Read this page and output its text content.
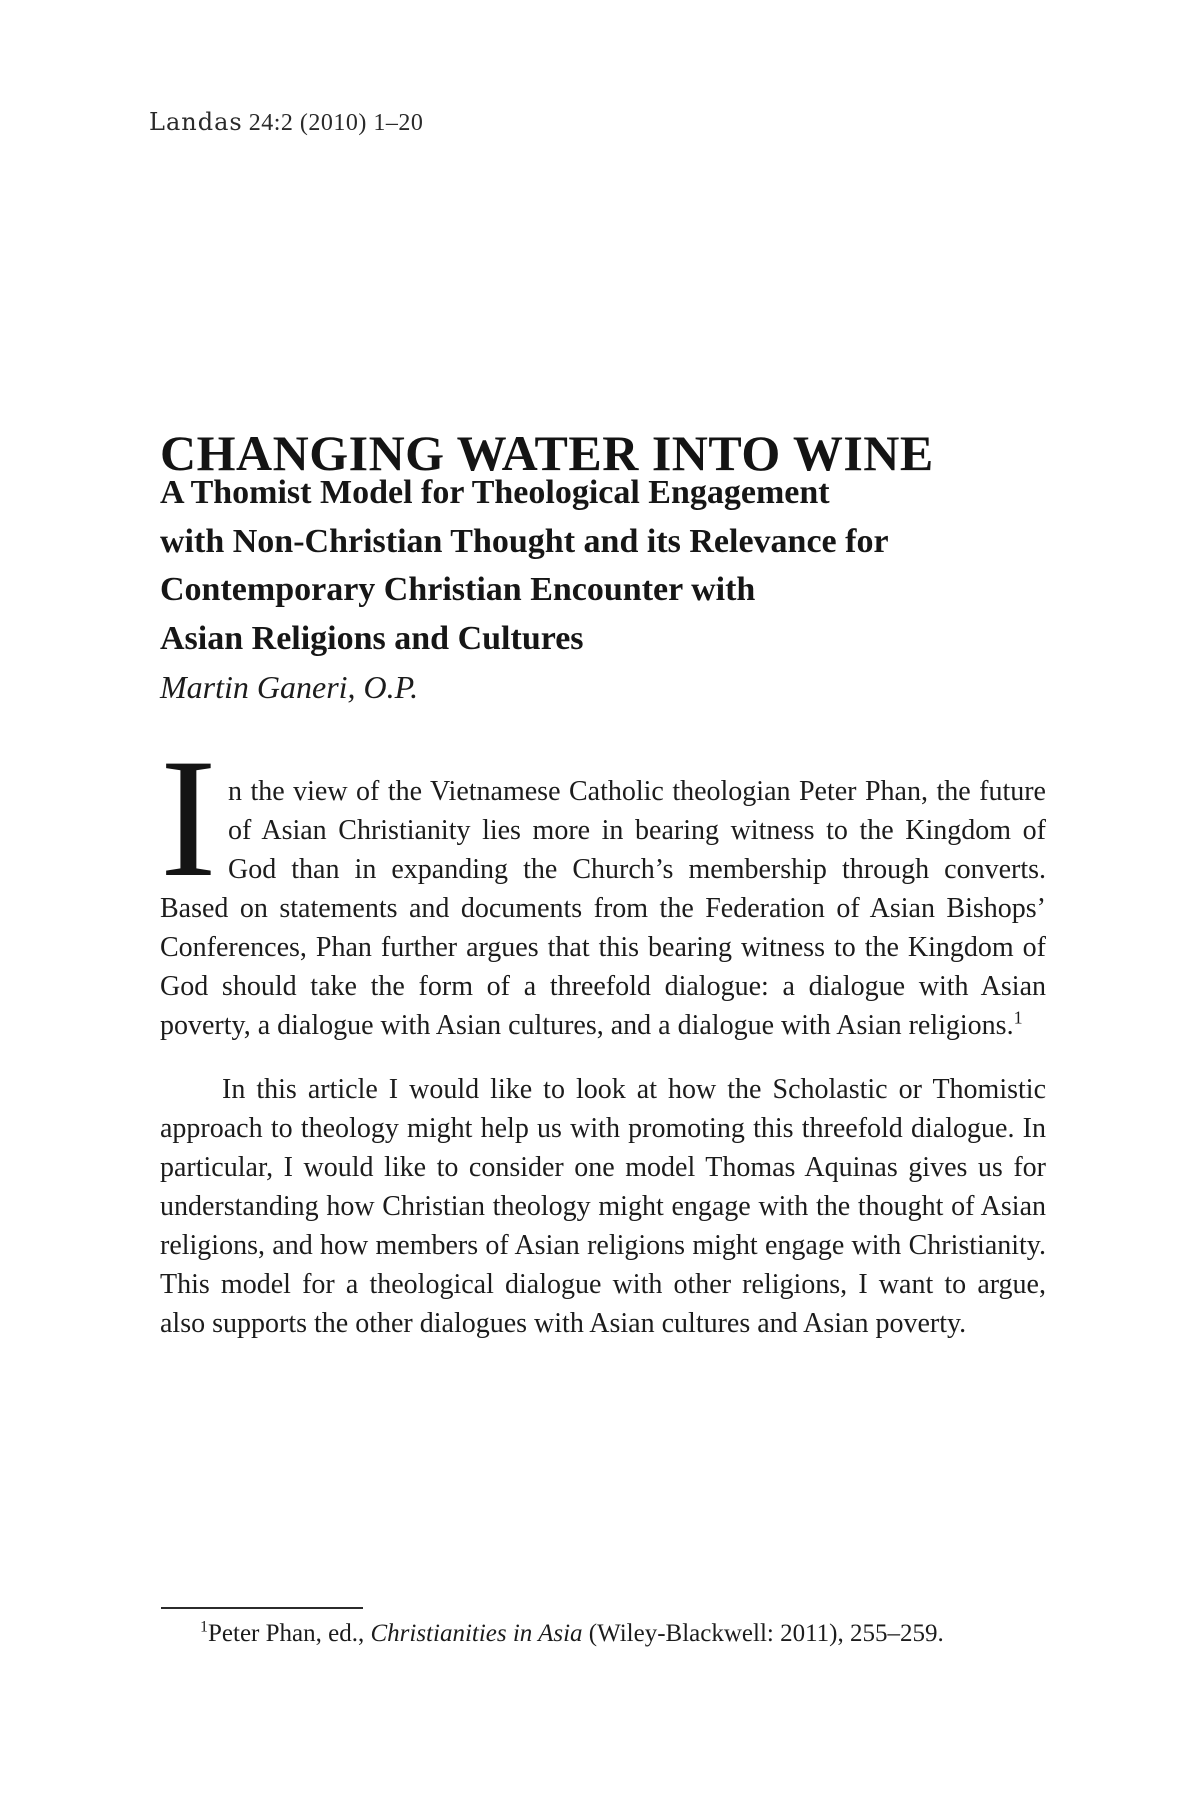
Landas 24:2 (2010) 1–20
CHANGING WATER INTO WINE
A Thomist Model for Theological Engagement
with Non-Christian Thought and its Relevance for
Contemporary Christian Encounter with
Asian Religions and Cultures
Martin Ganeri, O.P.

I n the view of the Vietnamese Catholic theologian Peter Phan, the future of Asian Christianity lies more in bearing witness to the Kingdom of God than in expanding the Church’s membership through converts. Based on statements and documents from the Federation of Asian Bishops’ Conferences, Phan further argues that this bearing witness to the Kingdom of God should take the form of a threefold dialogue: a dialogue with Asian poverty, a dialogue with Asian cultures, and a dialogue with Asian religions.$^1$

In this article I would like to look at how the Scholastic or Thomistic approach to theology might help us with promoting this threefold dialogue. In particular, I would like to consider one model Thomas Aquinas gives us for understanding how Christian theology might engage with the thought of Asian religions, and how members of Asian religions might engage with Christianity. This model for a theological dialogue with other religions, I want to argue, also supports the other dialogues with Asian cultures and Asian poverty.

$^1$Peter Phan, ed., Christianities in Asia (Wiley-Blackwell: 2011), 255–259.
